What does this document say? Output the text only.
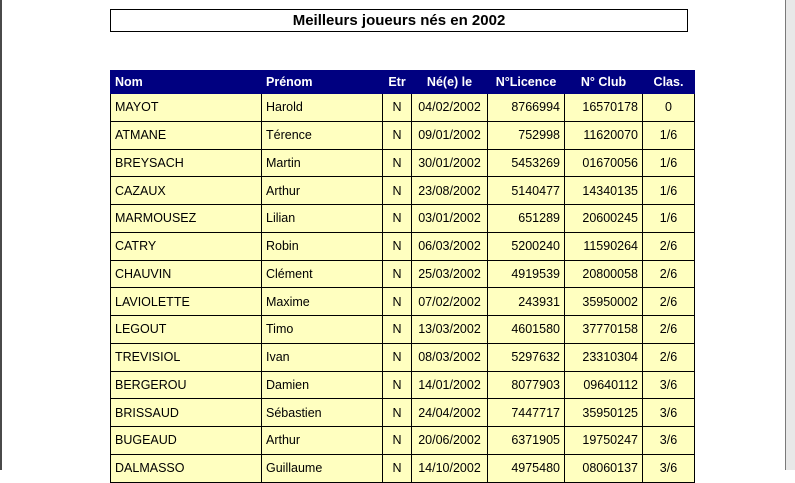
Meilleurs joueurs nés en 2002
Nom	Prénom	Etr	Né(e) le	N°Licence	N° Club	Clas.
MAYOT	Harold	N	04/02/2002	8766994	16570178	0
ATMANE	Térence	N	09/01/2002	752998	11620070	1/6
BREYSACH	Martin	N	30/01/2002	5453269	01670056	1/6
CAZAUX	Arthur	N	23/08/2002	5140477	14340135	1/6
MARMOUSEZ	Lilian	N	03/01/2002	651289	20600245	1/6
CATRY	Robin	N	06/03/2002	5200240	11590264	2/6
CHAUVIN	Clément	N	25/03/2002	4919539	20800058	2/6
LAVIOLETTE	Maxime	N	07/02/2002	243931	35950002	2/6
LEGOUT	Timo	N	13/03/2002	4601580	37770158	2/6
TREVISIOL	Ivan	N	08/03/2002	5297632	23310304	2/6
BERGEROU	Damien	N	14/01/2002	8077903	09640112	3/6
BRISSAUD	Sébastien	N	24/04/2002	7447717	35950125	3/6
BUGEAUD	Arthur	N	20/06/2002	6371905	19750247	3/6
DALMASSO	Guillaume	N	14/10/2002	4975480	08060137	3/6
